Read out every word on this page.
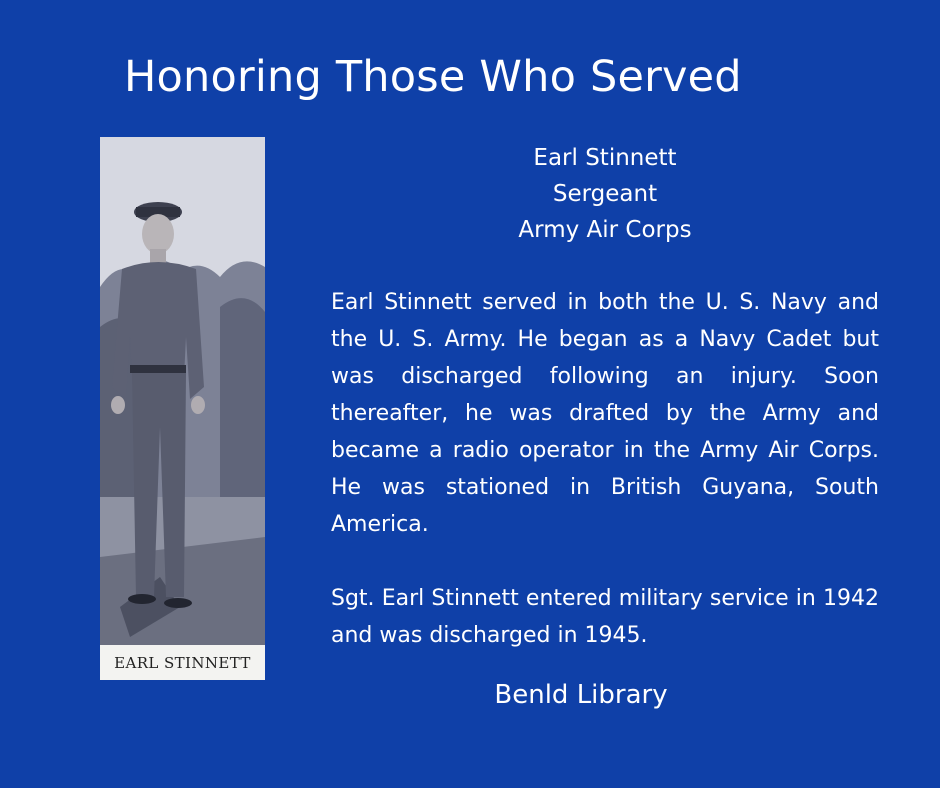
Honoring Those Who Served
EARL STINNETT
Earl Stinnett
Sergeant
Army Air Corps

Earl Stinnett served in both the U. S. Navy and the U. S. Army. He began as a Navy Cadet but was discharged following an injury. Soon thereafter, he was drafted by the Army and became a radio operator in the Army Air Corps. He was stationed in British Guyana, South America.

Sgt. Earl Stinnett entered military service in 1942 and was discharged in 1945.

Benld Library
